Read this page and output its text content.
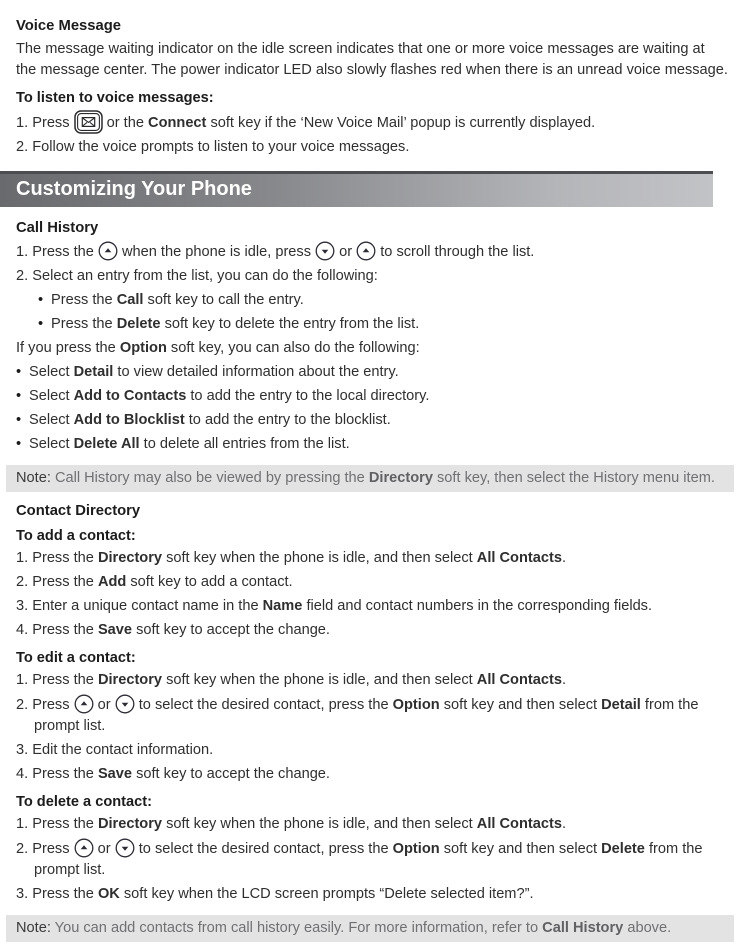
Voice Message
The message waiting indicator on the idle screen indicates that one or more voice messages are waiting at the message center. The power indicator LED also slowly flashes red when there is an unread voice message.
To listen to voice messages:
1. Press  or the Connect soft key if the ‘New Voice Mail’ popup is currently displayed.
2. Follow the voice prompts to listen to your voice messages.
Customizing Your Phone
Call History
1. Press the  when the phone is idle, press  or  to scroll through the list.
2. Select an entry from the list, you can do the following:
• Press the Call soft key to call the entry.
• Press the Delete soft key to delete the entry from the list.
If you press the Option soft key, you can also do the following:
• Select Detail to view detailed information about the entry.
• Select Add to Contacts to add the entry to the local directory.
• Select Add to Blocklist to add the entry to the blocklist.
• Select Delete All to delete all entries from the list.
Note: Call History may also be viewed by pressing the Directory soft key, then select the History menu item.
Contact Directory
To add a contact:
1. Press the Directory soft key when the phone is idle, and then select All Contacts.
2. Press the Add soft key to add a contact.
3. Enter a unique contact name in the Name field and contact numbers in the corresponding fields.
4. Press the Save soft key to accept the change.
To edit a contact:
1. Press the Directory soft key when the phone is idle, and then select All Contacts.
2. Press  or  to select the desired contact, press the Option soft key and then select Detail from the prompt list.
3. Edit the contact information.
4. Press the Save soft key to accept the change.
To delete a contact:
1. Press the Directory soft key when the phone is idle, and then select All Contacts.
2. Press  or  to select the desired contact, press the Option soft key and then select Delete from the prompt list.
3. Press the OK soft key when the LCD screen prompts “Delete selected item?”.
Note: You can add contacts from call history easily. For more information, refer to Call History above.
